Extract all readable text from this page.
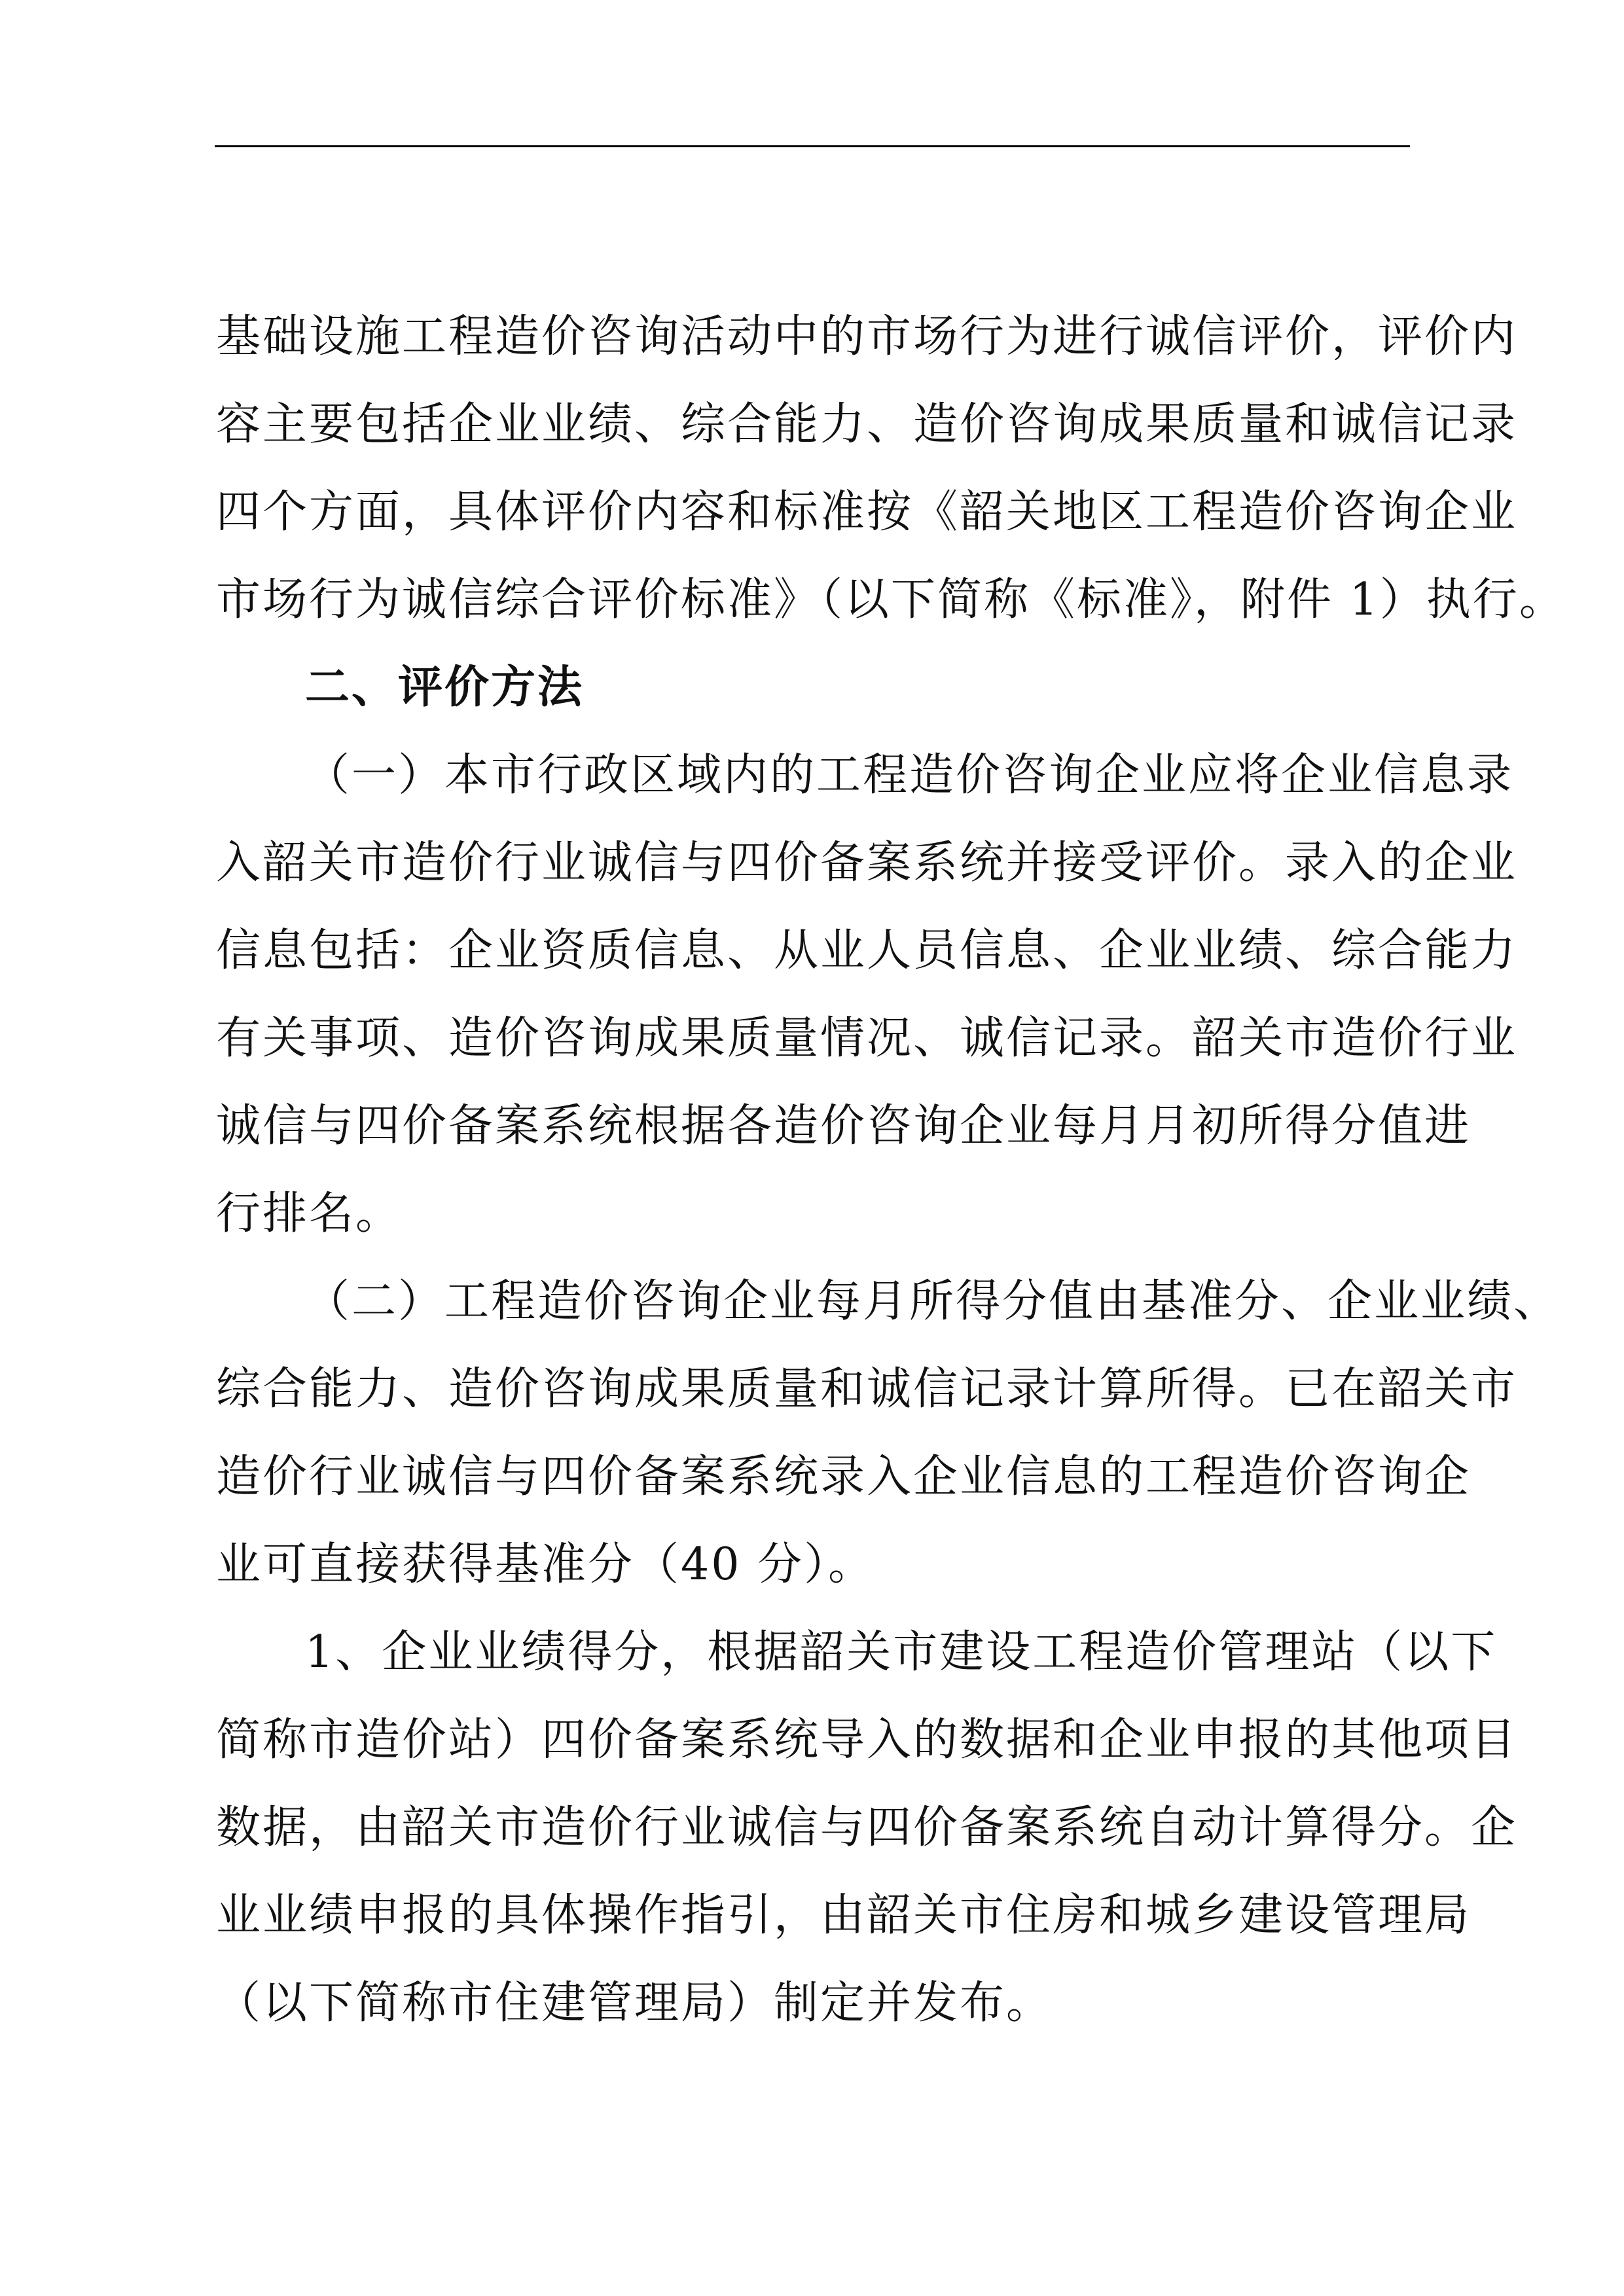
基础设施工程造价咨询活动中的市场行为进行诚信评价，评价内
容主要包括企业业绩、综合能力、造价咨询成果质量和诚信记录
四个方面，具体评价内容和标准按《韶关地区工程造价咨询企业
市场行为诚信综合评价标准》（以下简称《标准》，附件 1）执行。
二、评价方法
（一）本市行政区域内的工程造价咨询企业应将企业信息录
入韶关市造价行业诚信与四价备案系统并接受评价。录入的企业
信息包括：企业资质信息、从业人员信息、企业业绩、综合能力
有关事项、造价咨询成果质量情况、诚信记录。韶关市造价行业
诚信与四价备案系统根据各造价咨询企业每月月初所得分值进
行排名。
（二）工程造价咨询企业每月所得分值由基准分、企业业绩、
综合能力、造价咨询成果质量和诚信记录计算所得。已在韶关市
造价行业诚信与四价备案系统录入企业信息的工程造价咨询企
业可直接获得基准分（40 分）。
1、企业业绩得分，根据韶关市建设工程造价管理站（以下
简称市造价站）四价备案系统导入的数据和企业申报的其他项目
数据，由韶关市造价行业诚信与四价备案系统自动计算得分。企
业业绩申报的具体操作指引，由韶关市住房和城乡建设管理局
（以下简称市住建管理局）制定并发布。
